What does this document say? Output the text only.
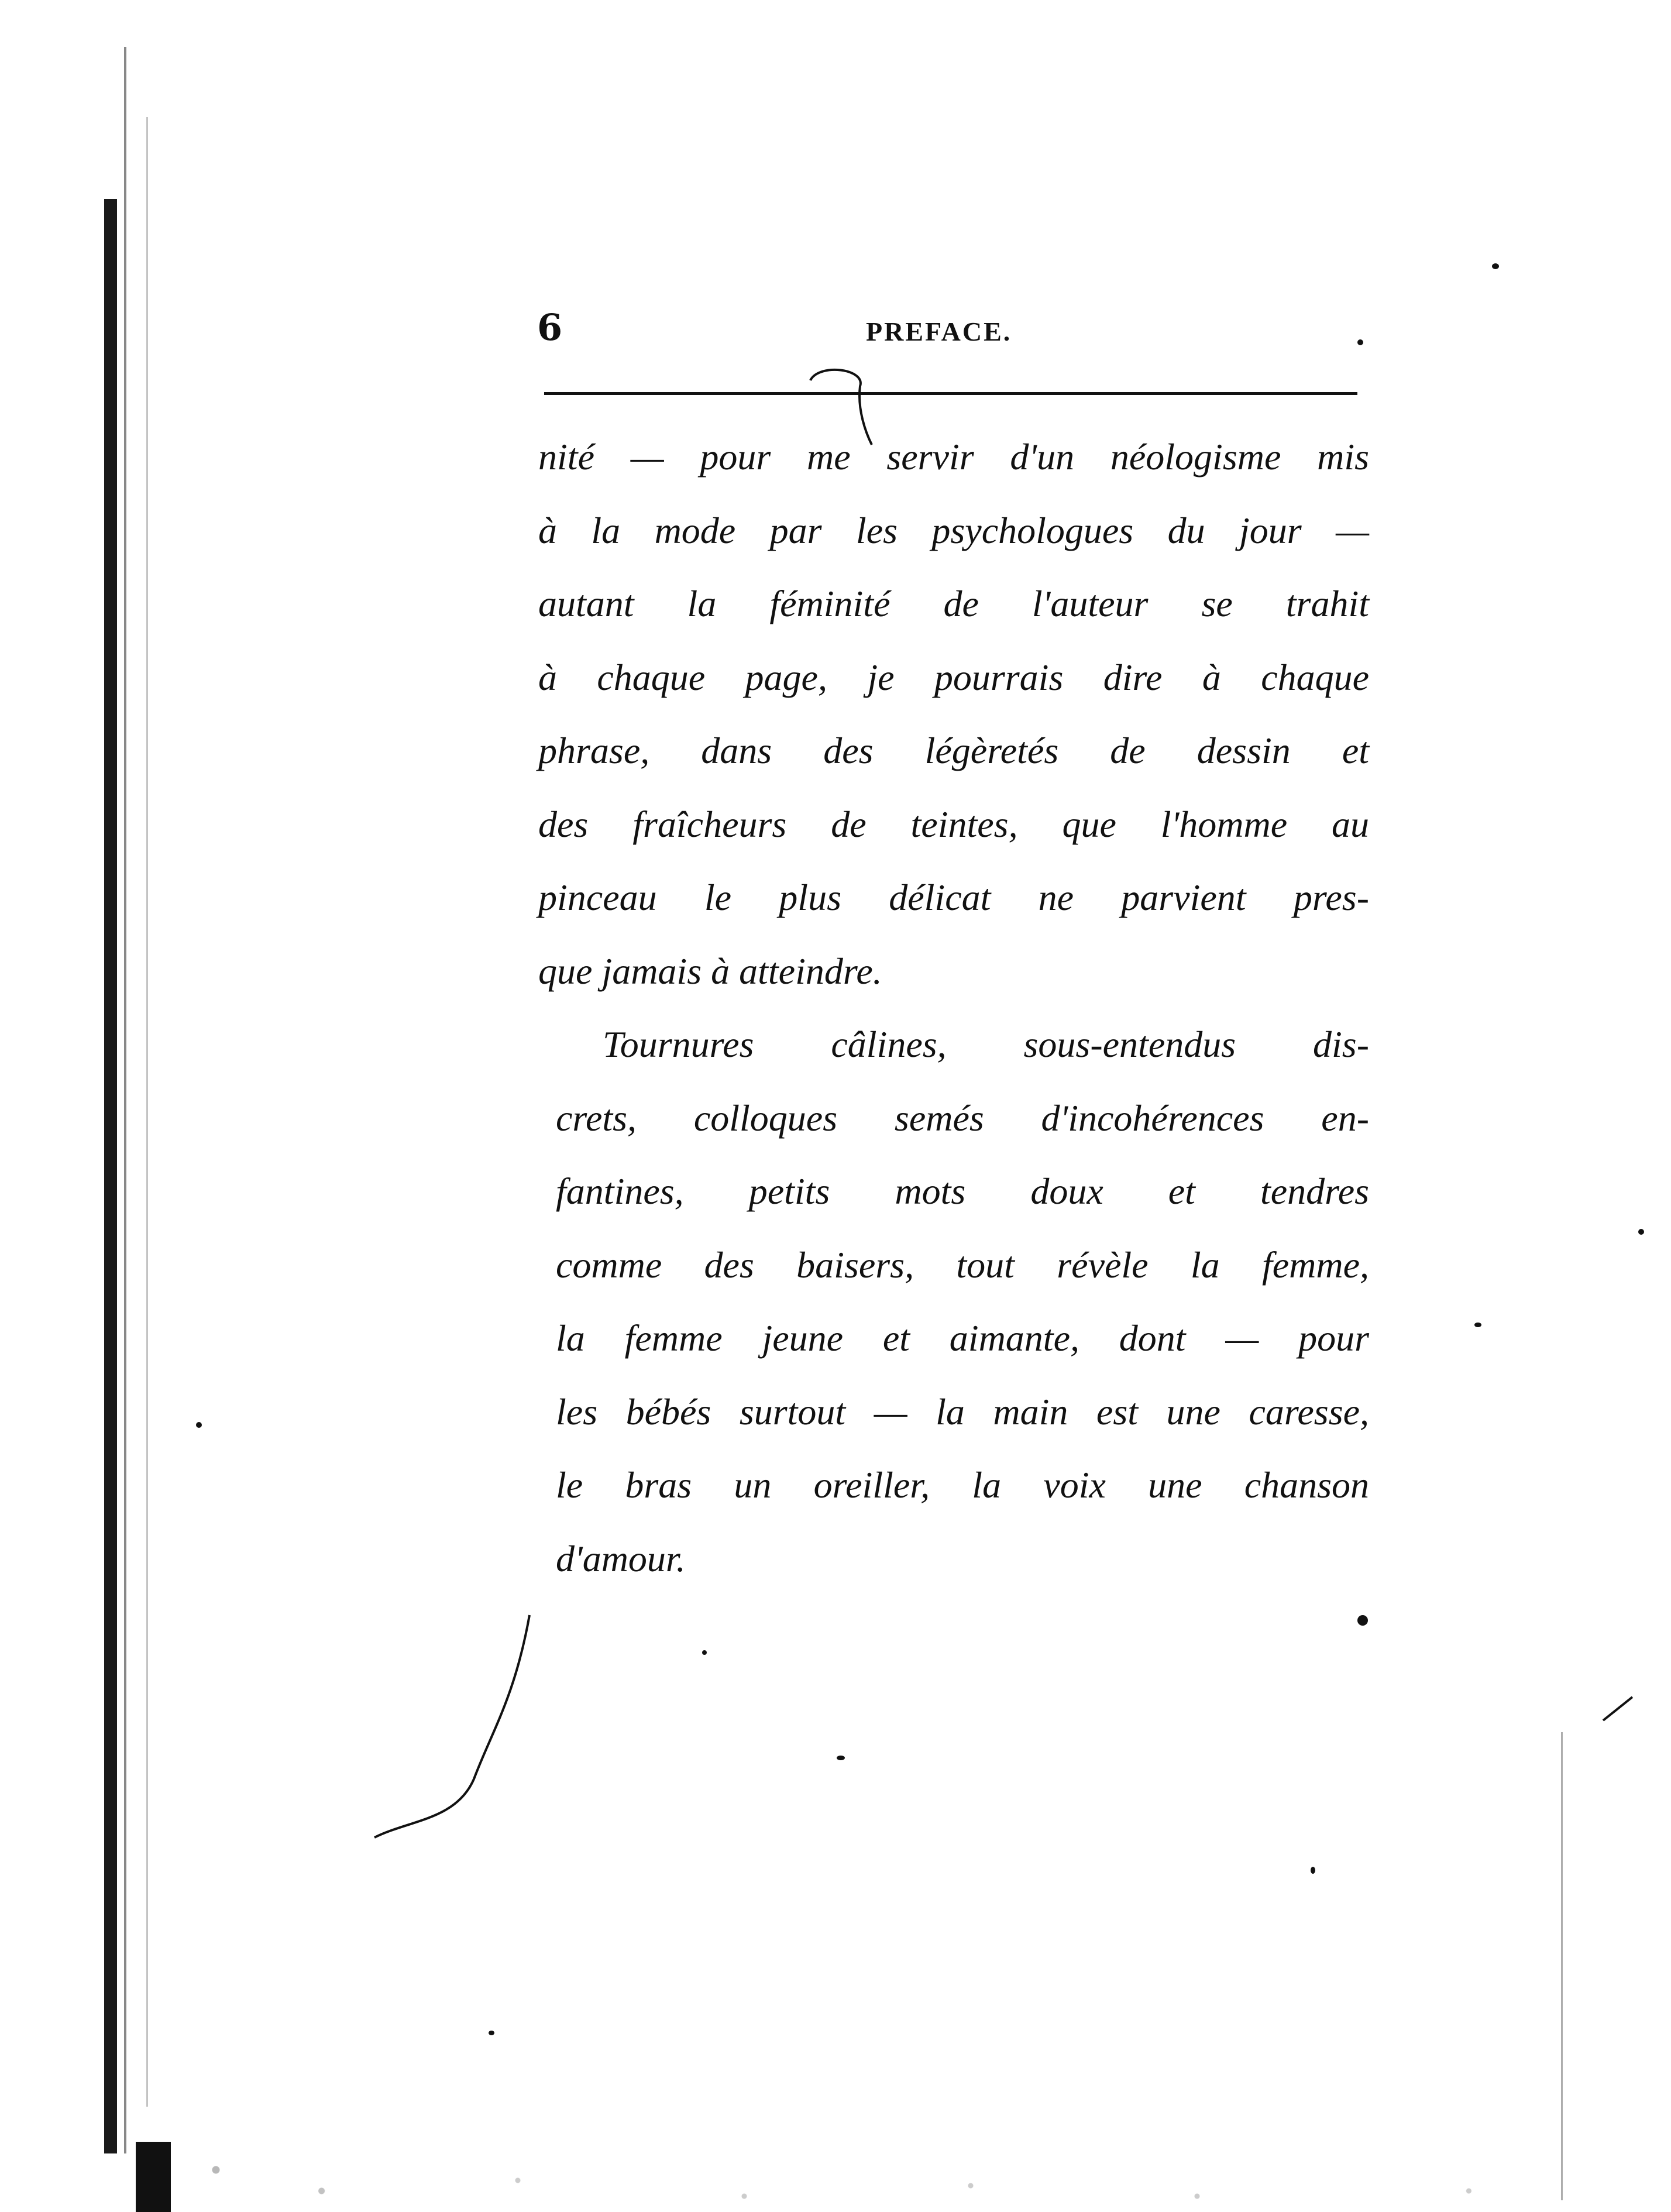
6	PREFACE.
nité — pour me servir d'un néologisme mis
à la mode par les psychologues du jour —
autant la féminité de l'auteur se trahit
à chaque page, je pourrais dire à chaque
phrase, dans des légèretés de dessin et
des fraîcheurs de teintes, que l'homme au
pinceau le plus délicat ne parvient pres-
que jamais à atteindre.
Tournures câlines, sous-entendus dis-
crets, colloques semés d'incohérences en-
fantines, petits mots doux et tendres
comme des baisers, tout révèle la femme,
la femme jeune et aimante, dont — pour
les bébés surtout — la main est une caresse,
le bras un oreiller, la voix une chanson
d'amour.
